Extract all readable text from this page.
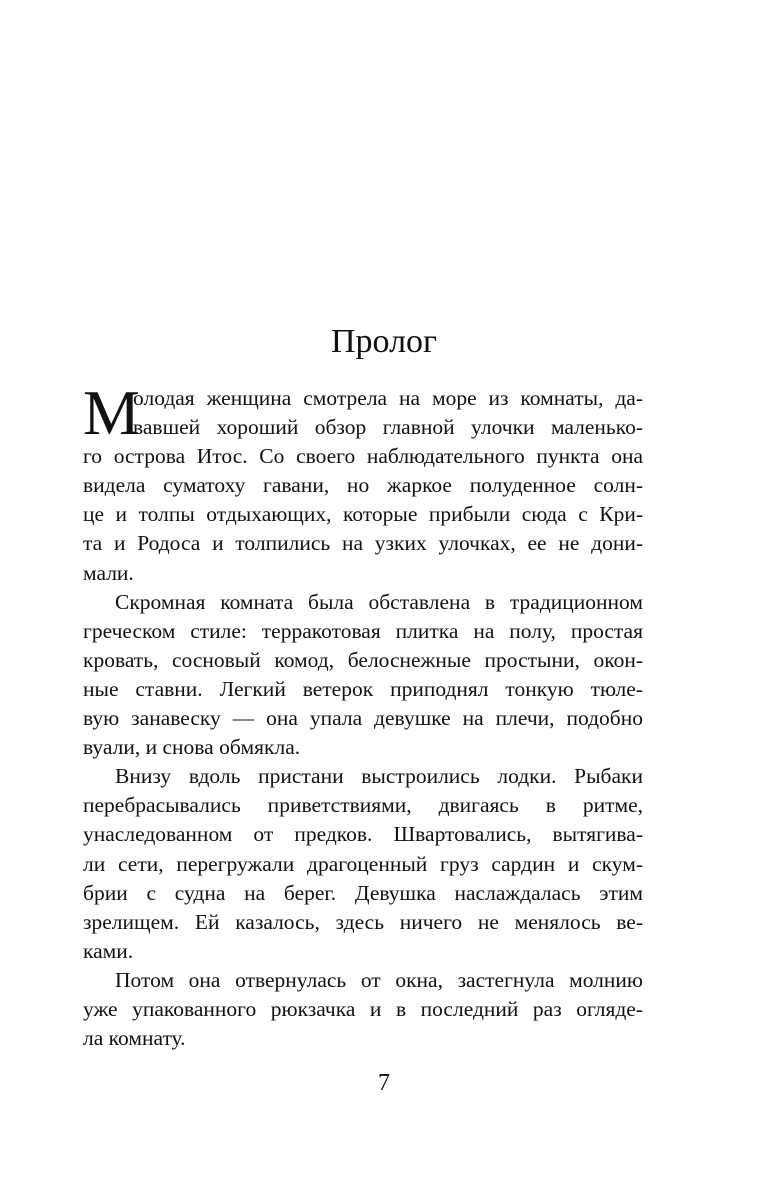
Пролог
М
олодая женщина смотрела на море из комнаты, да-
вавшей хороший обзор главной улочки маленько-
го острова Итос. Со своего наблюдательного пункта она
видела суматоху гавани, но жаркое полуденное солн-
це и толпы отдыхающих, которые прибыли сюда с Кри-
та и Родоса и толпились на узких улочках, ее не дони-
мали.
Скромная комната была обставлена в традиционном
греческом стиле: терракотовая плитка на полу, простая
кровать, сосновый комод, белоснежные простыни, окон-
ные ставни. Легкий ветерок приподнял тонкую тюле-
вую занавеску — она упала девушке на плечи, подобно
вуали, и снова обмякла.
Внизу вдоль пристани выстроились лодки. Рыбаки
перебрасывались приветствиями, двигаясь в ритме,
унаследованном от предков. Швартовались, вытягива-
ли сети, перегружали драгоценный груз сардин и скум-
брии с судна на берег. Девушка наслаждалась этим
зрелищем. Ей казалось, здесь ничего не менялось ве-
ками.
Потом она отвернулась от окна, застегнула молнию
уже упакованного рюкзачка и в последний раз огляде-
ла комнату.
7
